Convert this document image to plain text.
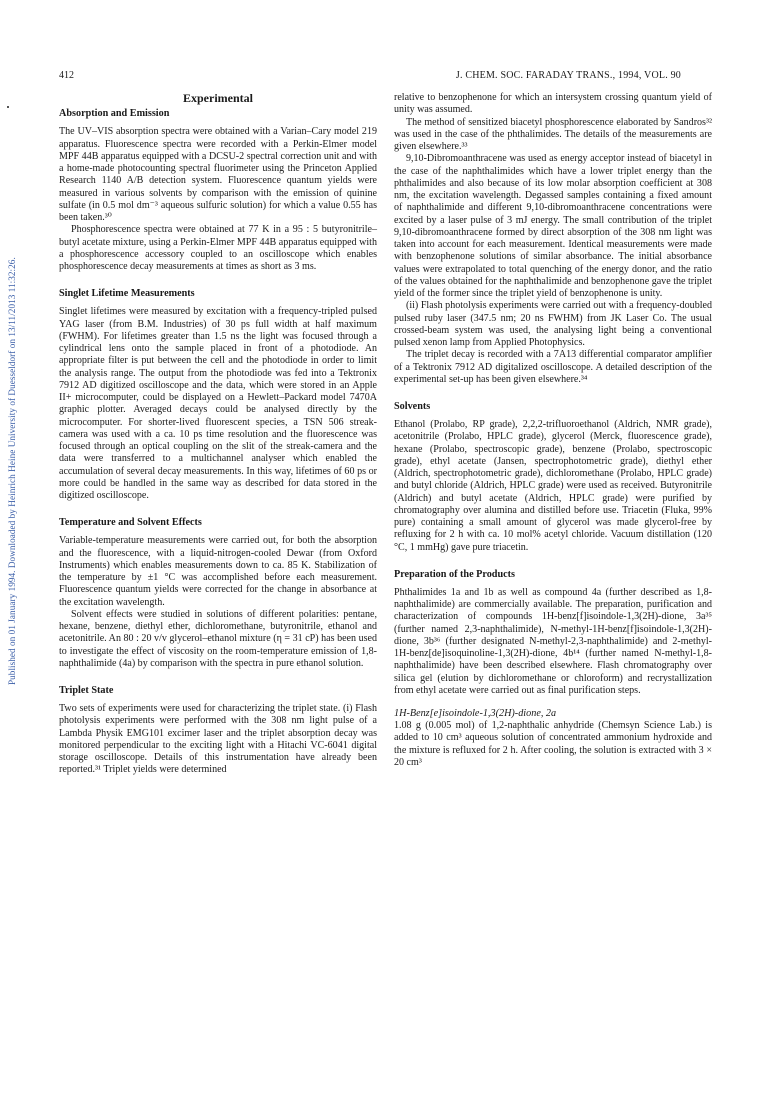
412	J. CHEM. SOC. FARADAY TRANS., 1994, VOL. 90
Published on 01 January 1994. Downloaded by Heinrich Heine University of Duesseldorf on 13/11/2013 11:32:26.
Experimental
Absorption and Emission

The UV–VIS absorption spectra were obtained with a Varian–Cary model 219 apparatus. Fluorescence spectra were recorded with a Perkin-Elmer model MPF 44B apparatus equipped with a DCSU-2 spectral correction unit and with a home-made photocounting spectral fluorimeter using the Princeton Applied Research 1140 A/B detection system. Fluorescence quantum yields were measured in various solvents by comparison with the emission of quinine sulfate (in 0.5 mol dm⁻³ aqueous sulfuric solution) for which a value 0.55 has been taken.³⁰

Phosphorescence spectra were obtained at 77 K in a 95 : 5 butyronitrile–butyl acetate mixture, using a Perkin-Elmer MPF 44B apparatus equipped with a phosphorescence accessory coupled to an oscilloscope which enables phosphorescence decay measurements at times as short as 3 ms.

Singlet Lifetime Measurements

Singlet lifetimes were measured by excitation with a frequency-tripled pulsed YAG laser (from B.M. Industries) of 30 ps full width at half maximum (FWHM). For lifetimes greater than 1.5 ns the light was focused through a cylindrical lens onto the sample placed in front of a photodiode. An appropriate filter is put between the cell and the photodiode in order to limit the analysis range. The output from the photodiode was fed into a Tektronix 7912 AD digitized oscilloscope and the data, which were stored in an Apple II+ microcomputer, could be displayed on a Hewlett–Packard model 7470A graphic plotter. Averaged decays could be analysed directly by the microcomputer. For shorter-lived fluorescent species, a TSN 506 streak-camera was used with a ca. 10 ps time resolution and the fluorescence was focused through an optical coupling on the slit of the streak-camera and the data were transferred to a multichannel analyser which enabled the accumulation of several decay measurements. In this way, lifetimes of 60 ps or more could be handled in the same way as described for data stored in the digitized oscilloscope.

Temperature and Solvent Effects

Variable-temperature measurements were carried out, for both the absorption and the fluorescence, with a liquid-nitrogen-cooled Dewar (from Oxford Instruments) which enables measurements down to ca. 85 K. Stabilization of the temperature by ±1 °C was accomplished before each measurement. Fluorescence quantum yields were corrected for the change in absorbance at the excitation wavelength.

Solvent effects were studied in solutions of different polarities: pentane, hexane, benzene, diethyl ether, dichloromethane, butyronitrile, ethanol and acetonitrile. An 80 : 20 v/v glycerol–ethanol mixture (η = 31 cP) has been used to investigate the effect of viscosity on the room-temperature emission of 1,8-naphthalimide (4a) by comparison with the spectra in pure ethanol solution.

Triplet State

Two sets of experiments were used for characterizing the triplet state. (i) Flash photolysis experiments were performed with the 308 nm light pulse of a Lambda Physik EMG101 excimer laser and the triplet absorption decay was monitored perpendicular to the exciting light with a Hitachi VC-6041 digital storage oscilloscope. Details of this instrumentation have already been reported.³¹ Triplet yields were determined

relative to benzophenone for which an intersystem crossing quantum yield of unity was assumed.

The method of sensitized biacetyl phosphorescence elaborated by Sandros³² was used in the case of the phthalimides. The details of the measurements are given elsewhere.³³

9,10-Dibromoanthracene was used as energy acceptor instead of biacetyl in the case of the naphthalimides which have a lower triplet energy than the phthalimides and also because of its low molar absorption coefficient at 308 nm, the excitation wavelength. Degassed samples containing a fixed amount of naphthalimide and different 9,10-dibromoanthracene concentrations were excited by a laser pulse of 3 mJ energy. The small contribution of the triplet 9,10-dibromoanthracene formed by direct absorption of the 308 nm light was taken into account for each measurement. Identical measurements were made with benzophenone solutions of similar absorbance. The initial absorbance values were extrapolated to total quenching of the energy donor, and the ratio of the values obtained for the naphthalimide and benzophenone gave the triplet yield of the former since the triplet yield of benzophenone is unity.

(ii) Flash photolysis experiments were carried out with a frequency-doubled pulsed ruby laser (347.5 nm; 20 ns FWHM) from JK Laser Co. The usual crossed-beam system was used, the analysing light being a conventional pulsed xenon lamp from Applied Photophysics.

The triplet decay is recorded with a 7A13 differential comparator amplifier of a Tektronix 7912 AD digitalized oscilloscope. A detailed description of the experimental set-up has been given elsewhere.³⁴

Solvents

Ethanol (Prolabo, RP grade), 2,2,2-trifluoroethanol (Aldrich, NMR grade), acetonitrile (Prolabo, HPLC grade), glycerol (Merck, fluorescence grade), hexane (Prolabo, spectroscopic grade), benzene (Prolabo, spectroscopic grade), ethyl acetate (Jansen, spectrophotometric grade), diethyl ether (Aldrich, spectrophotometric grade), dichloromethane (Prolabo, HPLC grade) and butyl chloride (Aldrich, HPLC grade) were used as received. Butyronitrile (Aldrich) and butyl acetate (Aldrich, HPLC grade) were purified by chromatography over alumina and distilled before use. Triacetin (Fluka, 99% pure) containing a small amount of glycerol was made glycerol-free by refluxing for 2 h with ca. 10 mol% acetyl chloride. Vacuum distillation (120 °C, 1 mmHg) gave pure triacetin.

Preparation of the Products

Phthalimides 1a and 1b as well as compound 4a (further described as 1,8-naphthalimide) are commercially available. The preparation, purification and characterization of compounds 1H-benz[f]isoindole-1,3(2H)-dione, 3a³⁵ (further named 2,3-naphthalimide), N-methyl-1H-benz[f]isoindole-1,3(2H)-dione, 3b³⁶ (further designated N-methyl-2,3-naphthalimide) and 2-methyl-1H-benz[de]isoquinoline-1,3(2H)-dione, 4b¹⁴ (further named N-methyl-1,8-naphthalimide) have been described elsewhere. Flash chromatography over silica gel (elution by dichloromethane or chloroform) and recrystallization from ethyl acetate were carried out as final purification steps.

1H-Benz[e]isoindole-1,3(2H)-dione, 2a

1.08 g (0.005 mol) of 1,2-naphthalic anhydride (Chemsyn Science Lab.) is added to 10 cm³ aqueous solution of concentrated ammonium hydroxide and the mixture is refluxed for 2 h. After cooling, the solution is extracted with 3 × 20 cm³
